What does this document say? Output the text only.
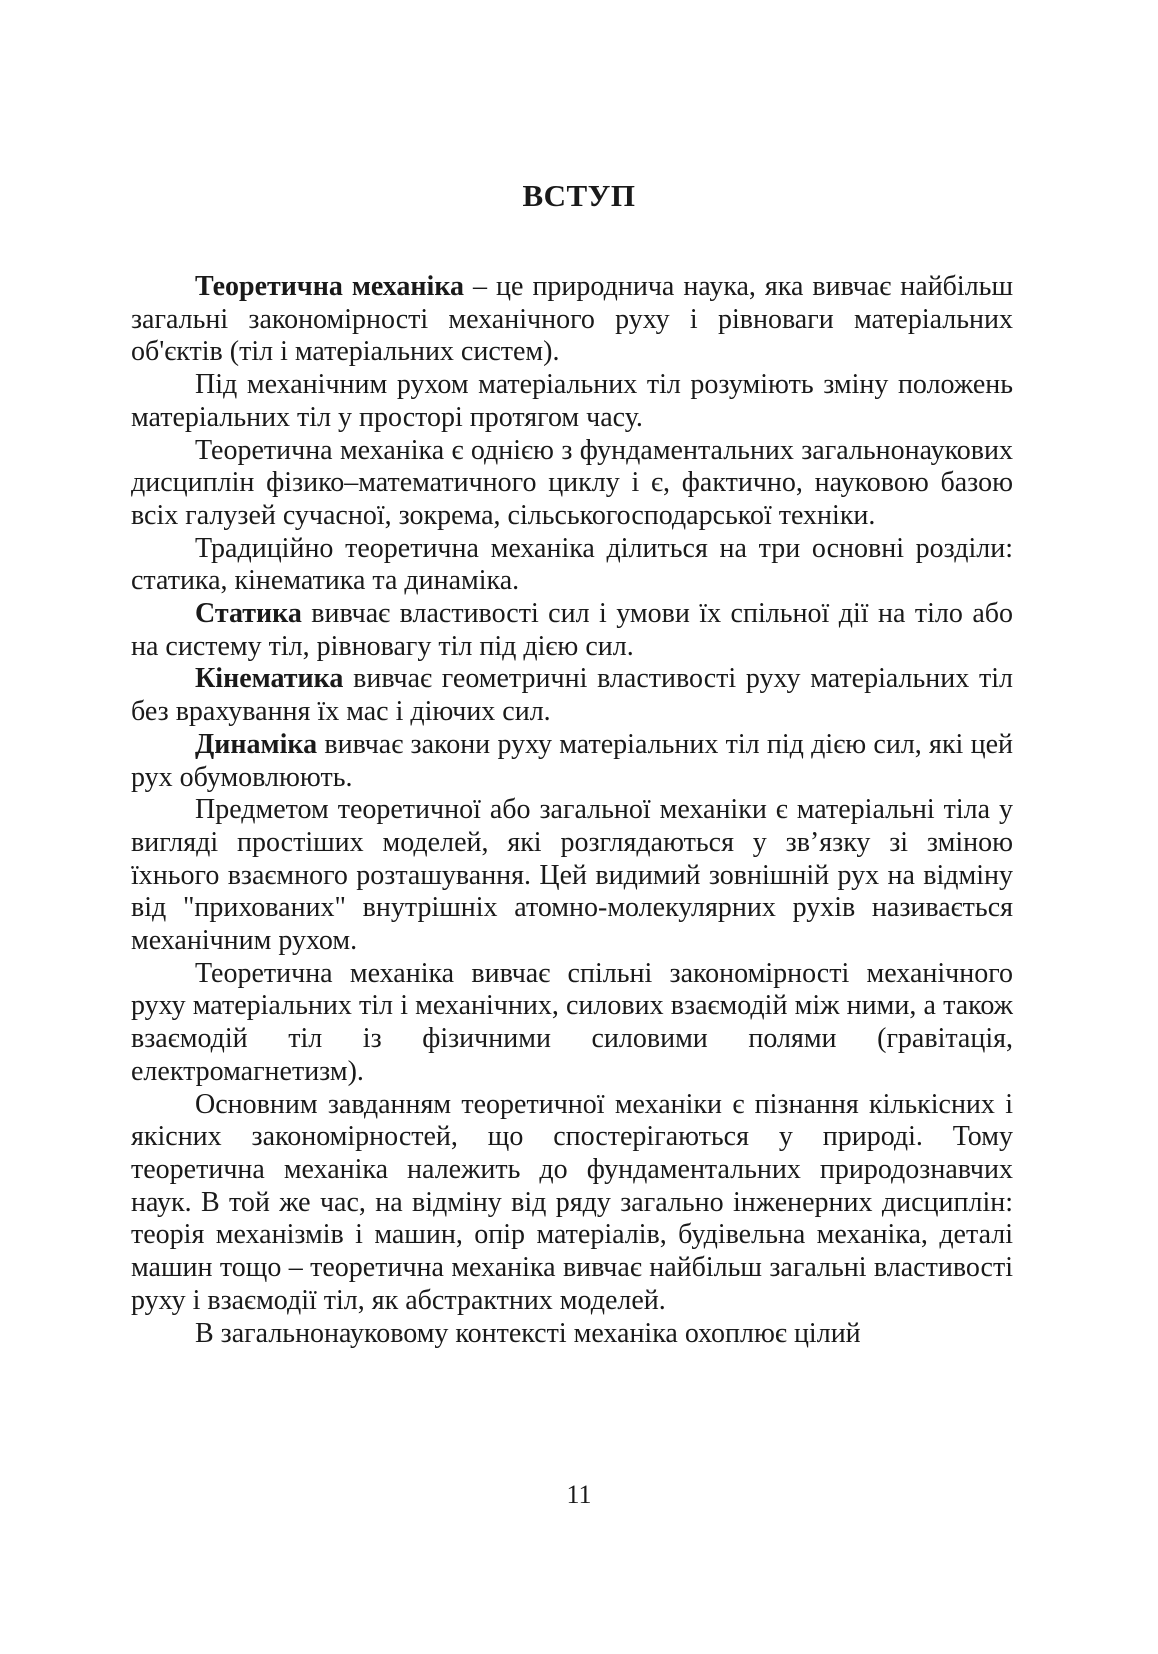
ВСТУП

Теоретична механіка – це природнича наука, яка вивчає найбільш загальні закономірності механічного руху і рівноваги матеріальних об'єктів (тіл і матеріальних систем).

Під механічним рухом матеріальних тіл розуміють зміну положень матеріальних тіл у просторі протягом часу.

Теоретична механіка є однією з фундаментальних загальнонаукових дисциплін фізико–математичного циклу і є, фактично, науковою базою всіх галузей сучасної, зокрема, сільськогосподарської техніки.

Традиційно теоретична механіка ділиться на три основні розділи: статика, кінематика та динаміка.

Статика вивчає властивості сил і умови їх спільної дії на тіло або на систему тіл, рівновагу тіл під дією сил.

Кінематика вивчає геометричні властивості руху матеріальних тіл без врахування їх мас і діючих сил.

Динаміка вивчає закони руху матеріальних тіл під дією сил, які цей рух обумовлюють.

Предметом теоретичної або загальної механіки є матеріальні тіла у вигляді простіших моделей, які розглядаються у зв’язку зі зміною їхнього взаємного розташування. Цей видимий зовнішній рух на відміну від "прихованих" внутрішніх атомно-молекулярних рухів називається механічним рухом.

Теоретична механіка вивчає спільні закономірності механічного руху матеріальних тіл і механічних, силових взаємодій між ними, а також взаємодій тіл із фізичними силовими полями (гравітація, електромагнетизм).

Основним завданням теоретичної механіки є пізнання кількісних і якісних закономірностей, що спостерігаються у природі. Тому теоретична механіка належить до фундаментальних природознавчих наук. В той же час, на відміну від ряду загально інженерних дисциплін: теорія механізмів і машин, опір матеріалів, будівельна механіка, деталі машин тощо – теоретична механіка вивчає найбільш загальні властивості руху і взаємодії тіл, як абстрактних моделей.

В загальнонауковому контексті механіка охоплює цілий

11
